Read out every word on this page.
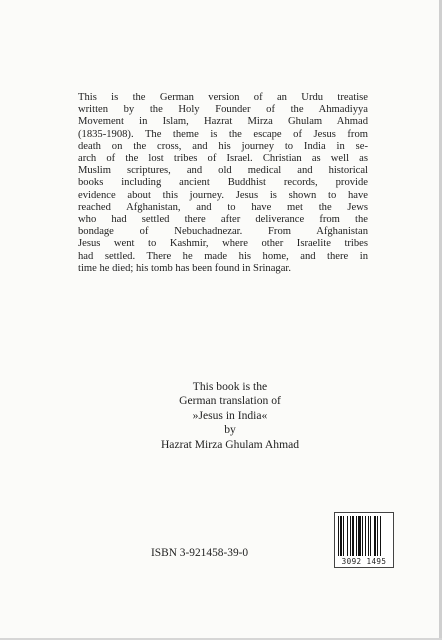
This is the German version of an Urdu treatise
written by the Holy Founder of the Ahmadiyya
Movement in Islam, Hazrat Mirza Ghulam Ahmad
(1835-1908). The theme is the escape of Jesus from
death on the cross, and his journey to India in se-
arch of the lost tribes of Israel. Christian as well as
Muslim scriptures, and old medical and historical
books including ancient Buddhist records, provide
evidence about this journey. Jesus is shown to have
reached Afghanistan, and to have met the Jews
who had settled there after deliverance from the
bondage of Nebuchadnezar. From Afghanistan
Jesus went to Kashmir, where other Israelite tribes
had settled. There he made his home, and there in
time he died; his tomb has been found in Srinagar.
This book is the
German translation of
»Jesus in India«
by
Hazrat Mirza Ghulam Ahmad
ISBN 3-921458-39-0
3092 1495
